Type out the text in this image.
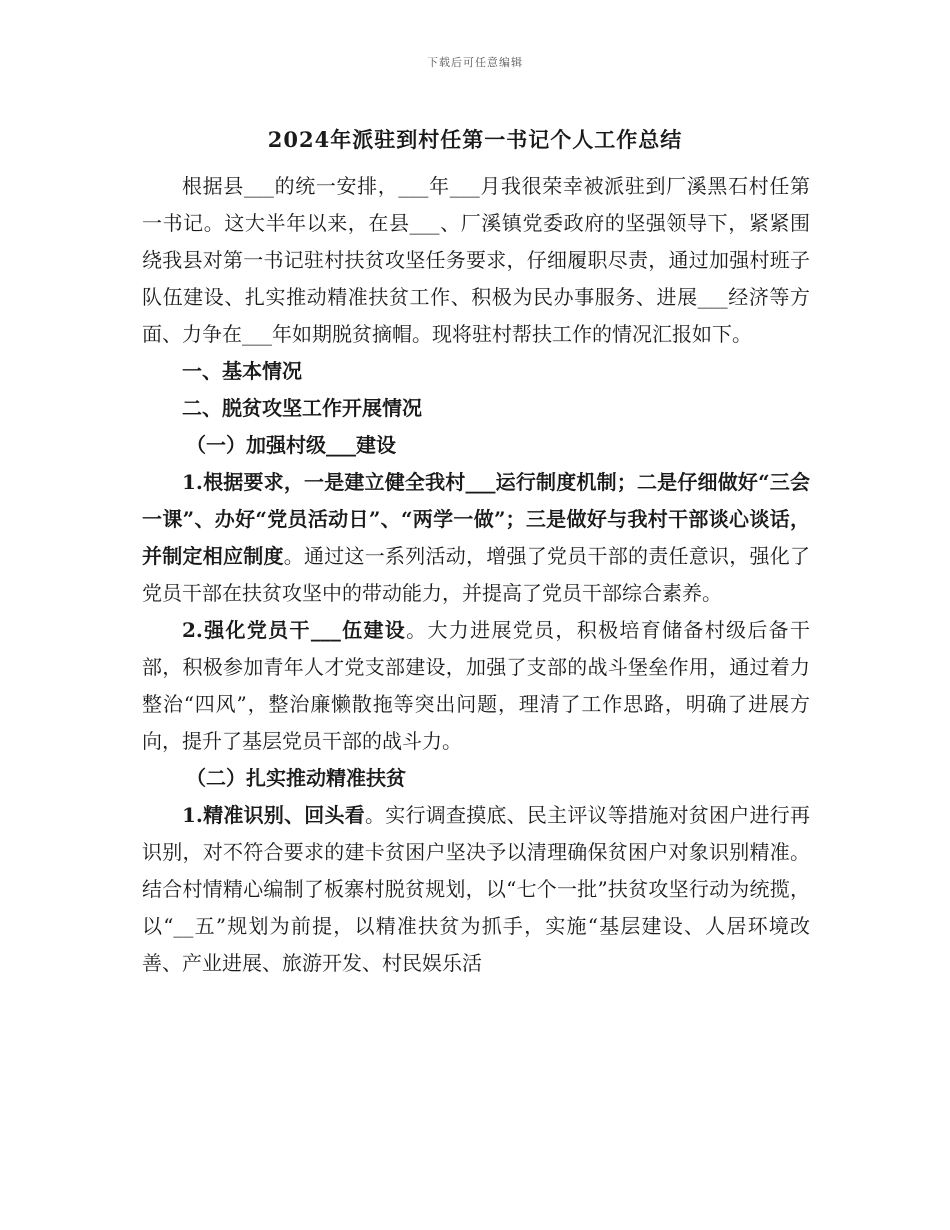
下载后可任意编辑
2024年派驻到村任第一书记个人工作总结

根据县___的统一安排，___年___月我很荣幸被派驻到厂溪黑石村任第一书记。这大半年以来，在县___、厂溪镇党委政府的坚强领导下，紧紧围绕我县对第一书记驻村扶贫攻坚任务要求，仔细履职尽责，通过加强村班子队伍建设、扎实推动精准扶贫工作、积极为民办事服务、进展___经济等方面、力争在___年如期脱贫摘帽。现将驻村帮扶工作的情况汇报如下。

一、基本情况

二、脱贫攻坚工作开展情况

（一）加强村级___建设

1.根据要求，一是建立健全我村___运行制度机制；二是仔细做好“三会一课”、办好“党员活动日”、“两学一做”；三是做好与我村干部谈心谈话，并制定相应制度。通过这一系列活动，增强了党员干部的责任意识，强化了党员干部在扶贫攻坚中的带动能力，并提高了党员干部综合素养。

2.强化党员干___伍建设。大力进展党员，积极培育储备村级后备干部，积极参加青年人才党支部建设，加强了支部的战斗堡垒作用，通过着力整治“四风”，整治廉懒散拖等突出问题，理清了工作思路，明确了进展方向，提升了基层党员干部的战斗力。

（二）扎实推动精准扶贫

1.精准识别、回头看。实行调查摸底、民主评议等措施对贫困户进行再识别，对不符合要求的建卡贫困户坚决予以清理确保贫困户对象识别精准。结合村情精心编制了板寨村脱贫规划，以“七个一批”扶贫攻坚行动为统揽，以“__五”规划为前提，以精准扶贫为抓手，实施“基层建设、人居环境改善、产业进展、旅游开发、村民娱乐活
